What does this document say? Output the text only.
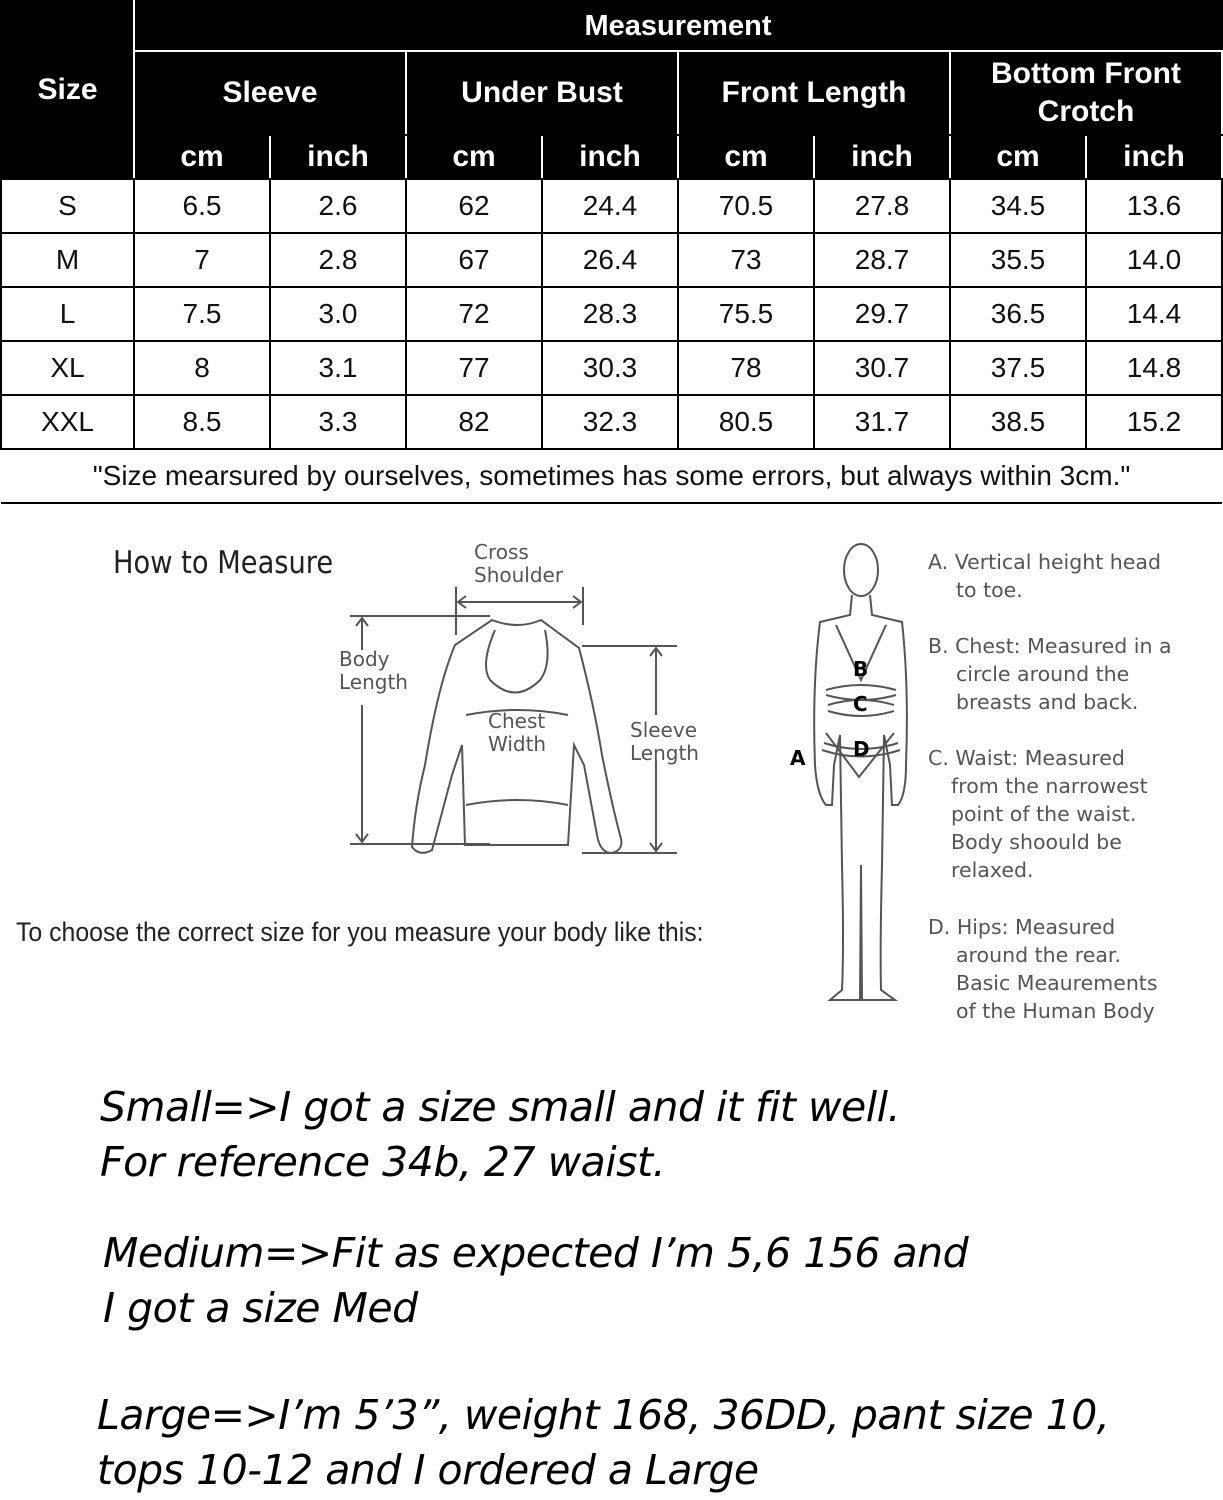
Size	Measurement							
	Sleeve		Under Bust		Front Length		Bottom Front Crotch	
	cm	inch	cm	inch	cm	inch	cm	inch
S	6.5	2.6	62	24.4	70.5	27.8	34.5	13.6
M	7	2.8	67	26.4	73	28.7	35.5	14.0
L	7.5	3.0	72	28.3	75.5	29.7	36.5	14.4
XL	8	3.1	77	30.3	78	30.7	37.5	14.8
XXL	8.5	3.3	82	32.3	80.5	31.7	38.5	15.2
"Size mearsured by ourselves, sometimes has some errors, but always within 3cm."								
How to Measure	Cross
Shoulder
Body
Length
Chest
Width
Sleeve
Length	A
B
C
D
To choose the correct size for you measure your body like this:
A. Vertical height head
to toe.
B. Chest: Measured in a
circle around the
breasts and back.
C. Waist: Measured
from the narrowest
point of the waist.
Body shoould be
relaxed.
D. Hips: Measured
around the rear.
Basic Meaurements
of the Human Body
Small=>I got a size small and it fit well.
For reference 34b, 27 waist.
Medium=>Fit as expected I’m 5,6 156 and
I got a size Med
Large=>I’m 5’3”, weight 168, 36DD, pant size 10,
tops 10-12 and I ordered a Large
